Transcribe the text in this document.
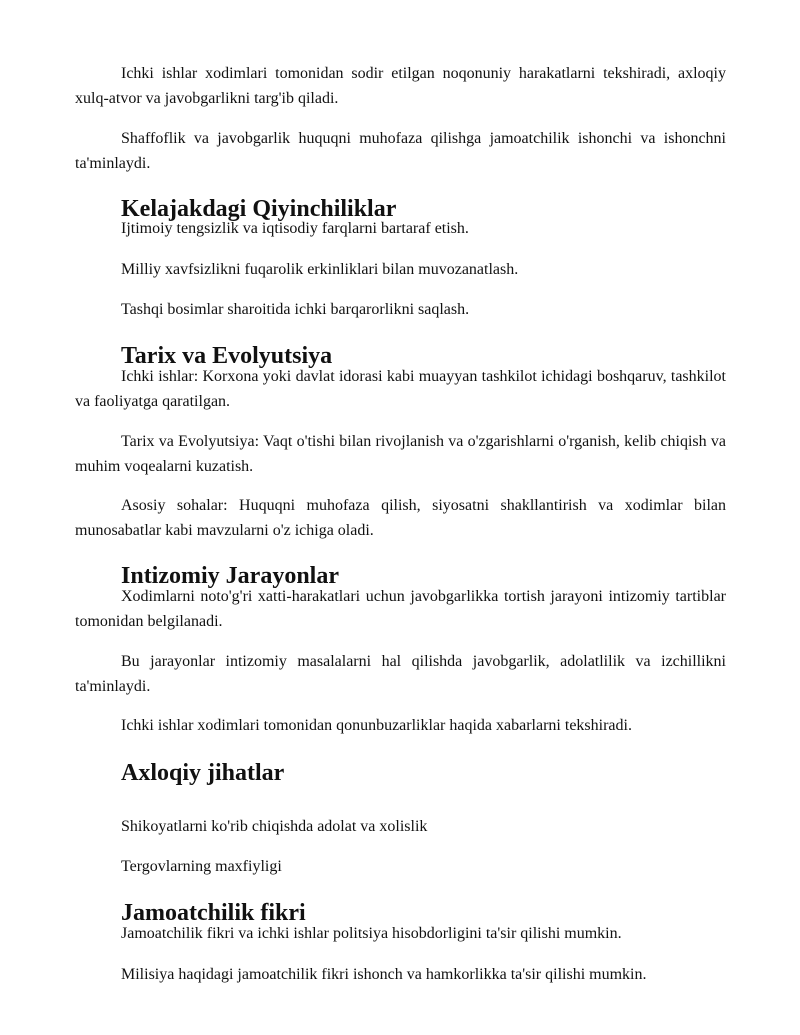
Ichki ishlar xodimlari tomonidan sodir etilgan noqonuniy harakatlarni tekshiradi, axloqiy xulq-atvor va javobgarlikni targ'ib qiladi.

Shaffoflik va javobgarlik huquqni muhofaza qilishga jamoatchilik ishonchi va ishonchni ta'minlaydi.

Kelajakdagi Qiyinchiliklar

Ijtimoiy tengsizlik va iqtisodiy farqlarni bartaraf etish.

Milliy xavfsizlikni fuqarolik erkinliklari bilan muvozanatlash.

Tashqi bosimlar sharoitida ichki barqarorlikni saqlash.

Tarix va Evolyutsiya

Ichki ishlar: Korxona yoki davlat idorasi kabi muayyan tashkilot ichidagi boshqaruv, tashkilot va faoliyatga qaratilgan.

Tarix va Evolyutsiya: Vaqt o'tishi bilan rivojlanish va o'zgarishlarni o'rganish, kelib chiqish va muhim voqealarni kuzatish.

Asosiy sohalar: Huquqni muhofaza qilish, siyosatni shakllantirish va xodimlar bilan munosabatlar kabi mavzularni o'z ichiga oladi.

Intizomiy Jarayonlar

Xodimlarni noto'g'ri xatti-harakatlari uchun javobgarlikka tortish jarayoni intizomiy tartiblar tomonidan belgilanadi.

Bu jarayonlar intizomiy masalalarni hal qilishda javobgarlik, adolatlilik va izchillikni ta'minlaydi.

Ichki ishlar xodimlari tomonidan qonunbuzarliklar haqida xabarlarni tekshiradi.

Axloqiy jihatlar

Shikoyatlarni ko'rib chiqishda adolat va xolislik

Tergovlarning maxfiyligi

Jamoatchilik fikri

Jamoatchilik fikri va ichki ishlar politsiya hisobdorligini ta'sir qilishi mumkin.

Milisiya haqidagi jamoatchilik fikri ishonch va hamkorlikka ta'sir qilishi mumkin.
